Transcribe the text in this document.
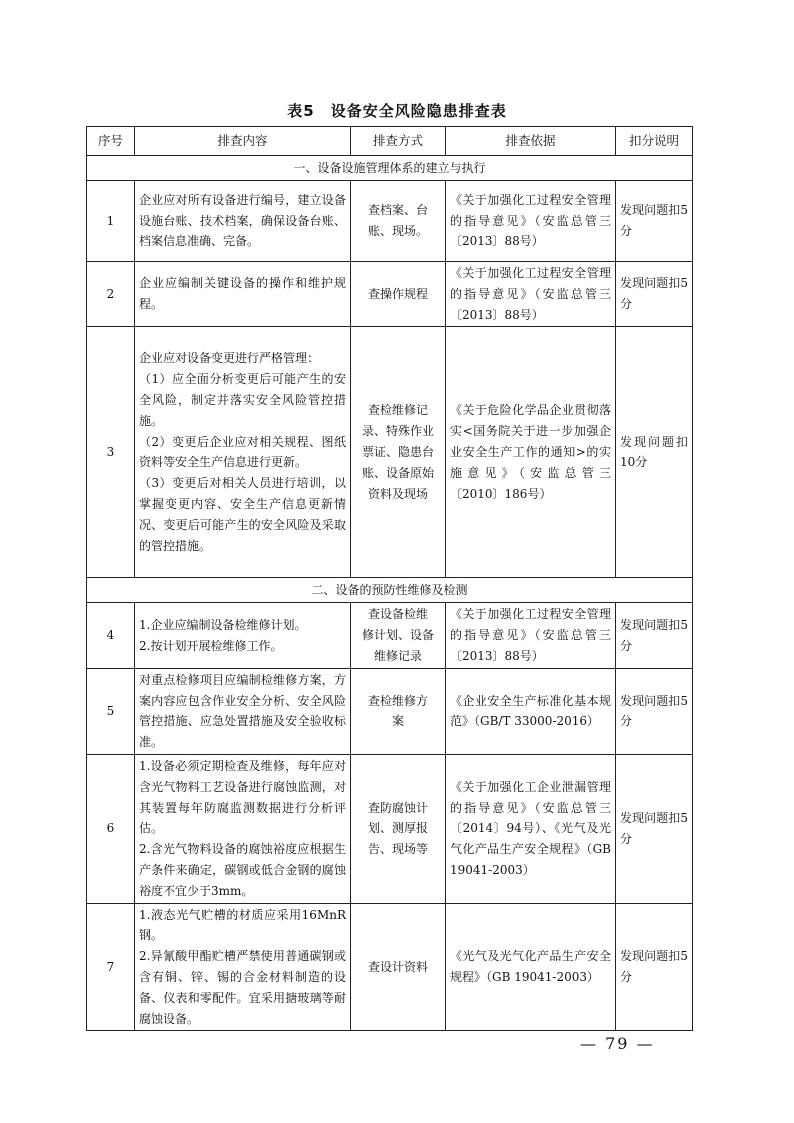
表5　设备安全风险隐患排查表
序号	排查内容	排查方式	排查依据	扣分说明
一、设备设施管理体系的建立与执行				
1	企业应对所有设备进行编号，建立设备设施台账、技术档案，确保设备台账、档案信息准确、完备。	查档案、台
账、现场。	《关于加强化工过程安全管理的指导意见》（安监总管三〔2013〕88号）	发现问题扣5分
2	企业应编制关键设备的操作和维护规程。	查操作规程	《关于加强化工过程安全管理的指导意见》（安监总管三〔2013〕88号）	发现问题扣5分
3	企业应对设备变更进行严格管理：
（1）应全面分析变更后可能产生的安全风险，制定并落实安全风险管控措施。
（2）变更后企业应对相关规程、图纸资料等安全生产信息进行更新。
（3）变更后对相关人员进行培训，以掌握变更内容、安全生产信息更新情况、变更后可能产生的安全风险及采取的管控措施。	查检维修记
录、特殊作业
票证、隐患台
账、设备原始
资料及现场	《关于危险化学品企业贯彻落实<国务院关于进一步加强企业安全生产工作的通知>的实施意见》（安监总管三〔2010〕186号）	发现问题扣10分
二、设备的预防性维修及检测				
4	1.企业应编制设备检维修计划。
2.按计划开展检维修工作。	查设备检维
修计划、设备
维修记录	《关于加强化工过程安全管理的指导意见》（安监总管三〔2013〕88号）	发现问题扣5分
5	对重点检修项目应编制检维修方案，方案内容应包含作业安全分析、安全风险管控措施、应急处置措施及安全验收标准。	查检维修方
案	《企业安全生产标准化基本规范》（GB/T 33000-2016）	发现问题扣5分
6	1.设备必须定期检查及维修，每年应对含光气物料工艺设备进行腐蚀监测，对其装置每年防腐监测数据进行分析评估。
2.含光气物料设备的腐蚀裕度应根据生产条件来确定，碳钢或低合金钢的腐蚀裕度不宜少于3mm。	查防腐蚀计
划、测厚报
告、现场等	《关于加强化工企业泄漏管理的指导意见》（安监总管三〔2014〕94号）、《光气及光气化产品生产安全规程》（GB 19041-2003）	发现问题扣5分
7	1.液态光气贮槽的材质应采用16MnR钢。
2.异氰酸甲酯贮槽严禁使用普通碳钢或含有铜、锌、锡的合金材料制造的设备、仪表和零配件。宜采用搪玻璃等耐腐蚀设备。	查设计资料	《光气及光气化产品生产安全规程》（GB 19041-2003）	发现问题扣5分
— 79 —
